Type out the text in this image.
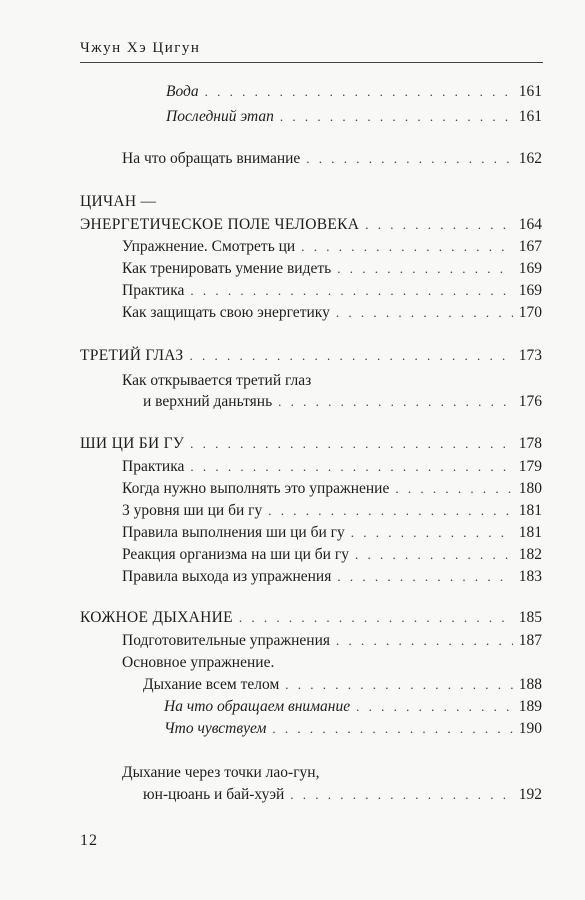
Чжун Хэ Цигун
Вода . . .	161
Последний этап . . .	161
На что обращать внимание . . .	162
ЦИЧАН —
ЭНЕРГЕТИЧЕСКОЕ ПОЛЕ ЧЕЛОВЕКА . . .	164
Упражнение. Смотреть ци . . .	167
Как тренировать умение видеть . . .	169
Практика . . .	169
Как защищать свою энергетику . . .	170
ТРЕТИЙ ГЛАЗ . . .	173
Как открывается третий глаз
и верхний даньтянь . . .	176
ШИ ЦИ БИ ГУ . . .	178
Практика . . .	179
Когда нужно выполнять это упражнение . . .	180
3 уровня ши ци би гу . . .	181
Правила выполнения ши ци би гу . . .	181
Реакция организма на ши ци би гу . . .	182
Правила выхода из упражнения . . .	183
КОЖНОЕ ДЫХАНИЕ . . .	185
Подготовительные упражнения . . .	187
Основное упражнение.
Дыхание всем телом . . .	188
На что обращаем внимание . . .	189
Что чувствуем . . .	190
Дыхание через точки лао-гун,
юн-цюань и бай-хуэй . . .	192
12
